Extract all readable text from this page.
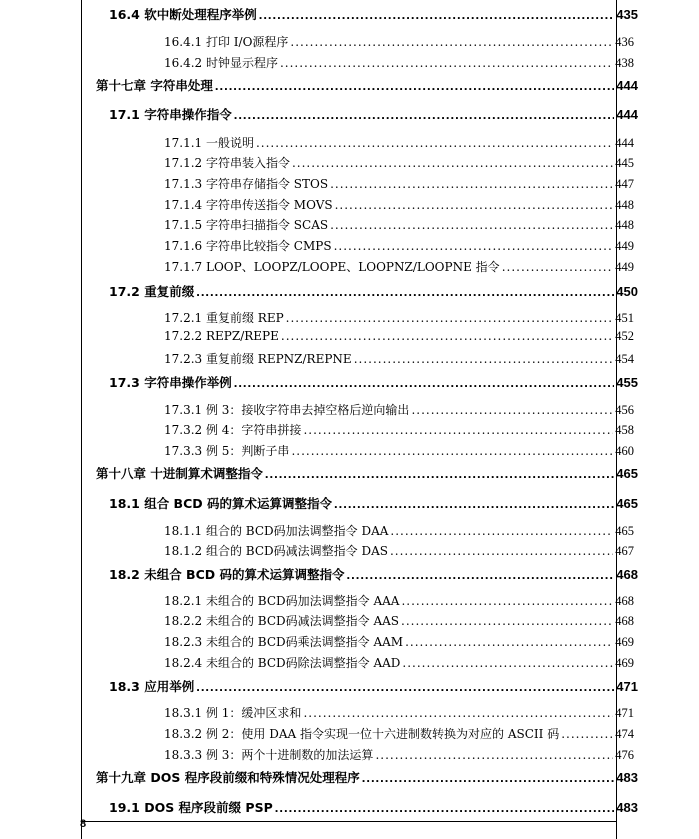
16.4 软中断处理程序举例 .....	435
16.4.1 打印 I/O源程序 .....	436
16.4.2 时钟显示程序 .....	438
第十七章 字符串处理 .....	444
17.1 字符串操作指令 .....	444
17.1.1 一般说明 .....	444
17.1.2 字符串装入指令 .....	445
17.1.3 字符串存储指令 STOS .....	447
17.1.4 字符串传送指令 MOVS .....	448
17.1.5 字符串扫描指令 SCAS .....	448
17.1.6 字符串比较指令 CMPS .....	449
17.1.7 LOOP、LOOPZ/LOOPE、LOOPNZ/LOOPNE 指令 .....	449
17.2 重复前缀 .....	450
17.2.1 重复前缀 REP .....	451
17.2.2 REPZ/REPE .....	452
17.2.3 重复前缀 REPNZ/REPNE .....	454
17.3 字符串操作举例 .....	455
17.3.1 例 3：接收字符串去掉空格后逆向输出 .....	456
17.3.2 例 4：字符串拼接 .....	458
17.3.3 例 5：判断子串 .....	460
第十八章 十进制算术调整指令 .....	465
18.1 组合 BCD 码的算术运算调整指令 .....	465
18.1.1 组合的 BCD码加法调整指令 DAA .....	465
18.1.2 组合的 BCD码减法调整指令 DAS .....	467
18.2 未组合 BCD 码的算术运算调整指令 .....	468
18.2.1 未组合的 BCD码加法调整指令 AAA .....	468
18.2.2 未组合的 BCD码减法调整指令 AAS .....	468
18.2.3 未组合的 BCD码乘法调整指令 AAM .....	469
18.2.4 未组合的 BCD码除法调整指令 AAD .....	469
18.3 应用举例 .....	471
18.3.1 例 1：缓冲区求和 .....	471
18.3.2 例 2：使用 DAA 指令实现一位十六进制数转换为对应的 ASCII 码 .....	474
18.3.3 例 3：两个十进制数的加法运算 .....	476
第十九章 DOS 程序段前缀和特殊情况处理程序 .....	483
19.1 DOS 程序段前缀 PSP .....	483
8
